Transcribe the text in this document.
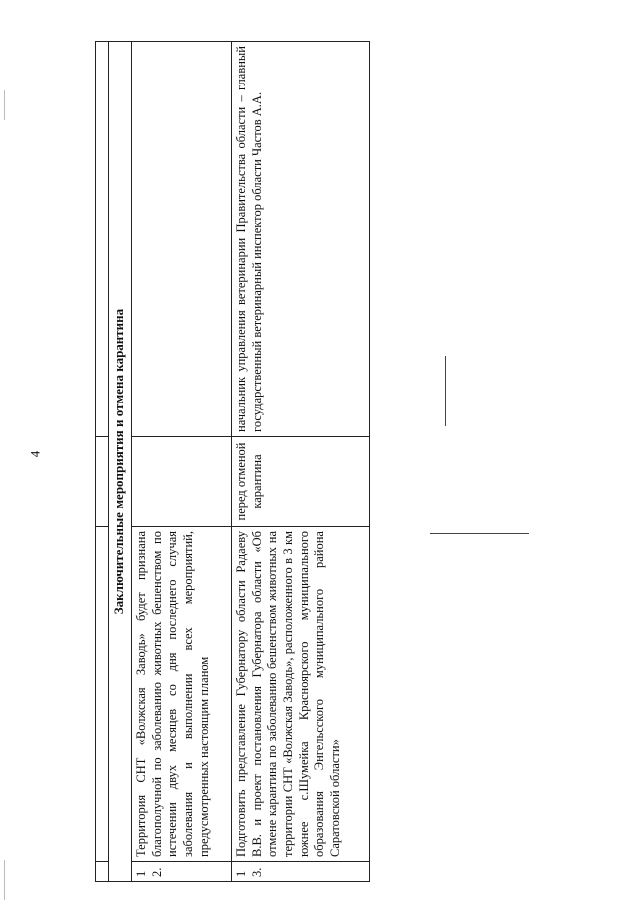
4
				Заключительные мероприятия и отмена карантина			
12.	Территория СНТ «Волжская Заводь» будет признана благополучной по заболеванию животных бешенством по истечении двух месяцев со дня последнего случая заболевания и выполнении всех мероприятий, предусмотренных настоящим планом		
13.	Подготовить представление Губернатору области Радаеву В.В. и проект постановления Губернатора области «Об отмене карантина по заболеванию бешенством животных на территории СНТ «Волжская Заводь», расположенного в 3 км южнее с.Шумейка Красноярского муниципального образования Энгельсского муниципального района Саратовской области»	перед отменой карантина	начальник управления ветеринарии Правительства области – главный государственный ветеринарный инспектор области Частов А.А.
